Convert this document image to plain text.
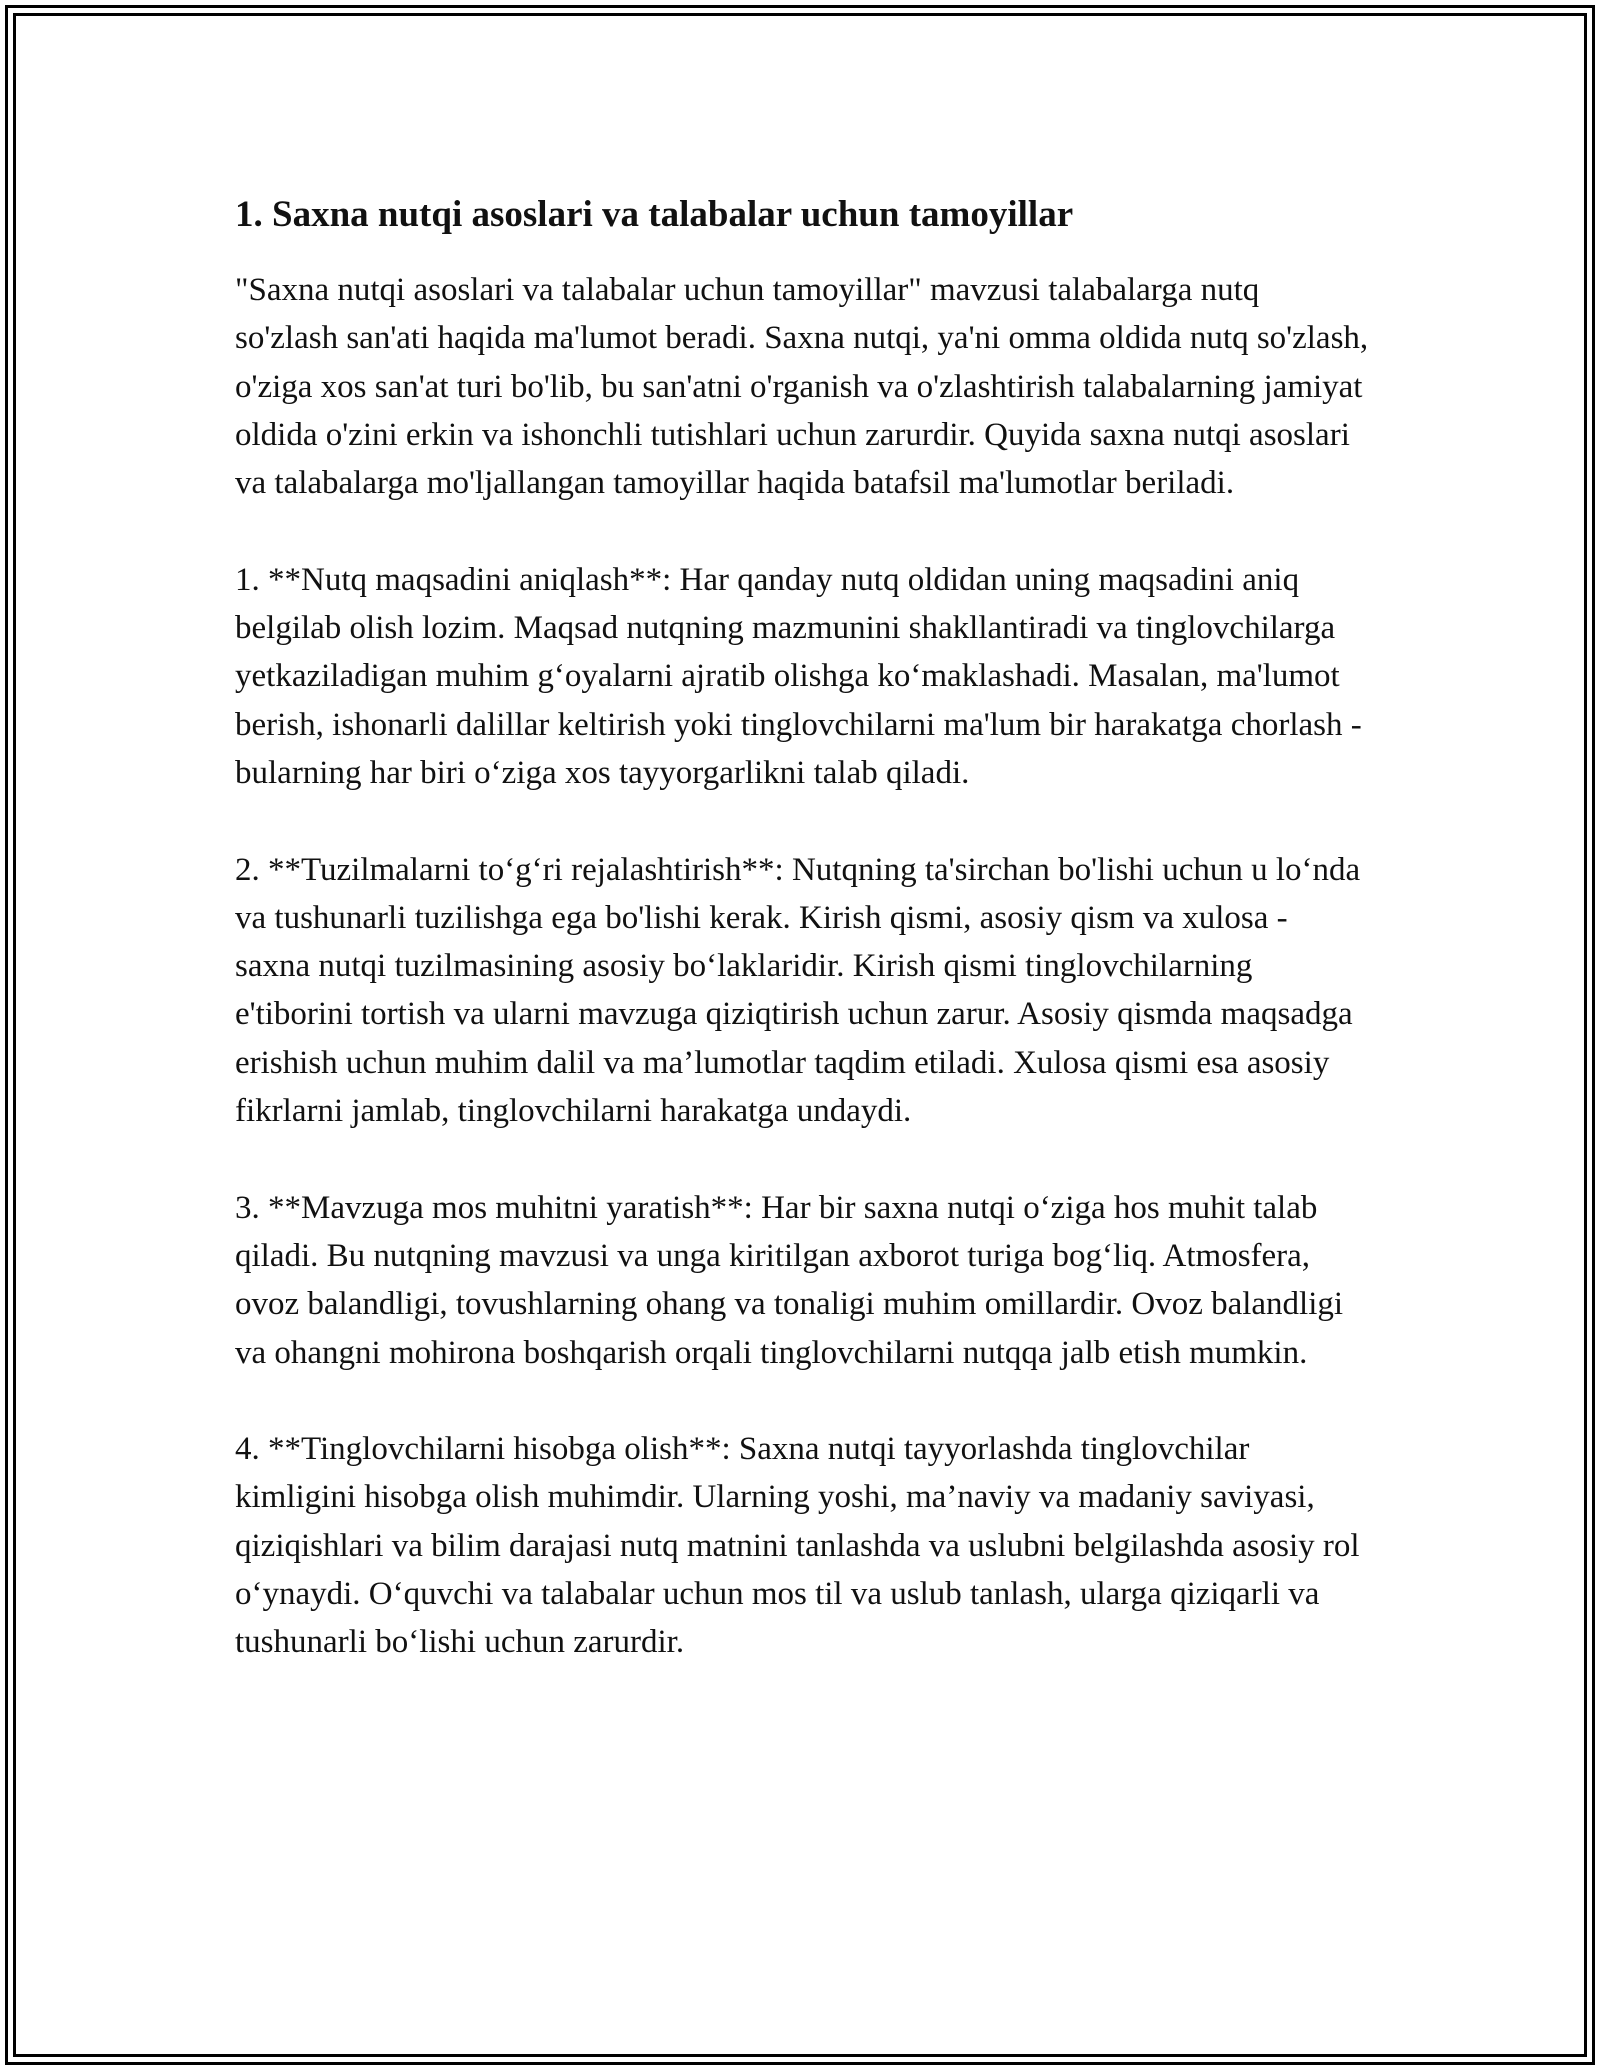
1. Saxna nutqi asoslari va talabalar uchun tamoyillar

"Saxna nutqi asoslari va talabalar uchun tamoyillar" mavzusi talabalarga nutq so'zlash san'ati haqida ma'lumot beradi. Saxna nutqi, ya'ni omma oldida nutq so'zlash, o'ziga xos san'at turi bo'lib, bu san'atni o'rganish va o'zlashtirish talabalarning jamiyat oldida o'zini erkin va ishonchli tutishlari uchun zarurdir. Quyida saxna nutqi asoslari va talabalarga mo'ljallangan tamoyillar haqida batafsil ma'lumotlar beriladi.

1. **Nutq maqsadini aniqlash**: Har qanday nutq oldidan uning maqsadini aniq belgilab olish lozim. Maqsad nutqning mazmunini shakllantiradi va tinglovchilarga yetkaziladigan muhim g‘oyalarni ajratib olishga ko‘maklashadi. Masalan, ma'lumot berish, ishonarli dalillar keltirish yoki tinglovchilarni ma'lum bir harakatga chorlash - bularning har biri o‘ziga xos tayyorgarlikni talab qiladi.

2. **Tuzilmalarni to‘g‘ri rejalashtirish**: Nutqning ta'sirchan bo'lishi uchun u lo‘nda va tushunarli tuzilishga ega bo'lishi kerak. Kirish qismi, asosiy qism va xulosa - saxna nutqi tuzilmasining asosiy bo‘laklaridir. Kirish qismi tinglovchilarning e'tiborini tortish va ularni mavzuga qiziqtirish uchun zarur. Asosiy qismda maqsadga erishish uchun muhim dalil va ma’lumotlar taqdim etiladi. Xulosa qismi esa asosiy fikrlarni jamlab, tinglovchilarni harakatga undaydi.

3. **Mavzuga mos muhitni yaratish**: Har bir saxna nutqi o‘ziga hos muhit talab qiladi. Bu nutqning mavzusi va unga kiritilgan axborot turiga bog‘liq. Atmosfera, ovoz balandligi, tovushlarning ohang va tonaligi muhim omillardir. Ovoz balandligi va ohangni mohirona boshqarish orqali tinglovchilarni nutqqa jalb etish mumkin.

4. **Tinglovchilarni hisobga olish**: Saxna nutqi tayyorlashda tinglovchilar kimligini hisobga olish muhimdir. Ularning yoshi, ma’naviy va madaniy saviyasi, qiziqishlari va bilim darajasi nutq matnini tanlashda va uslubni belgilashda asosiy rol o‘ynaydi. O‘quvchi va talabalar uchun mos til va uslub tanlash, ularga qiziqarli va tushunarli bo‘lishi uchun zarurdir.
